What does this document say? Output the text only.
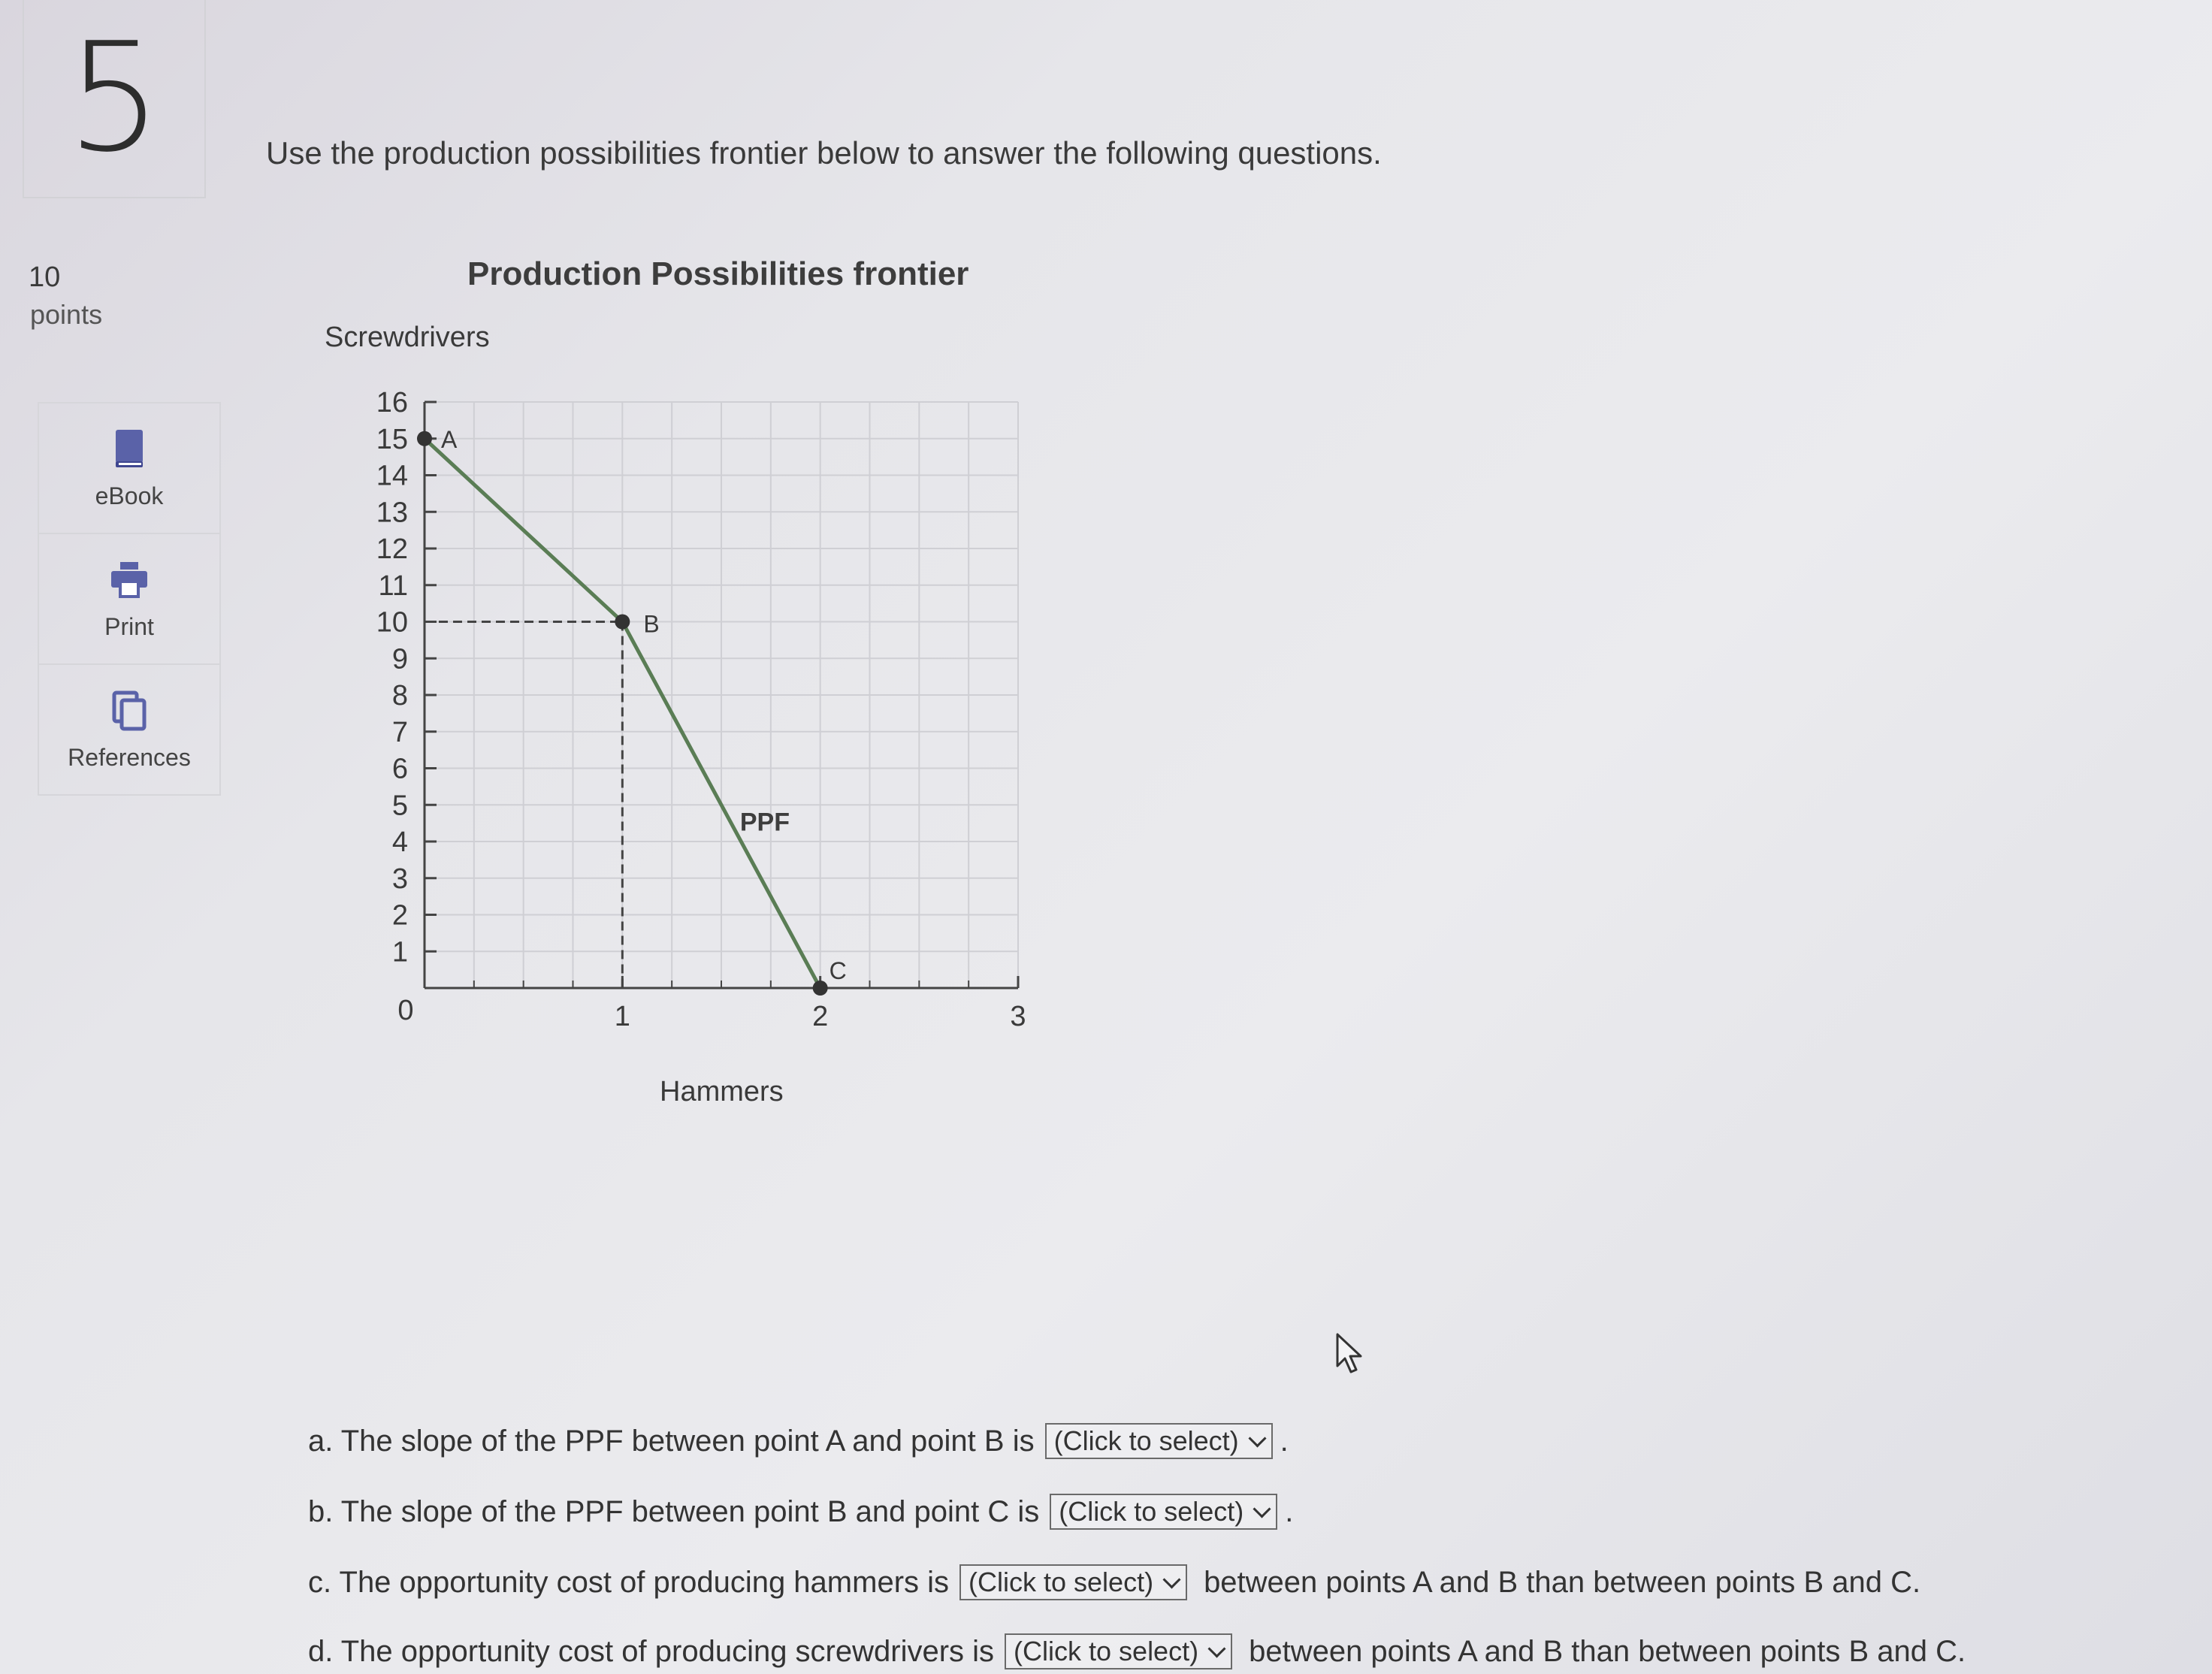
5	Use the production possibilities frontier below to answer the following questions.
10
points
eBook
Print
References
Production Possibilities frontier
Screwdrivers
Hammers
1
2
3
4
5
6
7
8
9
10
11
12
13
14
15
16
0	1	2	3
A
B
C
PPF
a. The slope of the PPF between point A and point B is (Click to select) .
b. The slope of the PPF between point B and point C is (Click to select) .
c. The opportunity cost of producing hammers is (Click to select) between points A and B than between points B and C.
d. The opportunity cost of producing screwdrivers is (Click to select) between points A and B than between points B and C.
